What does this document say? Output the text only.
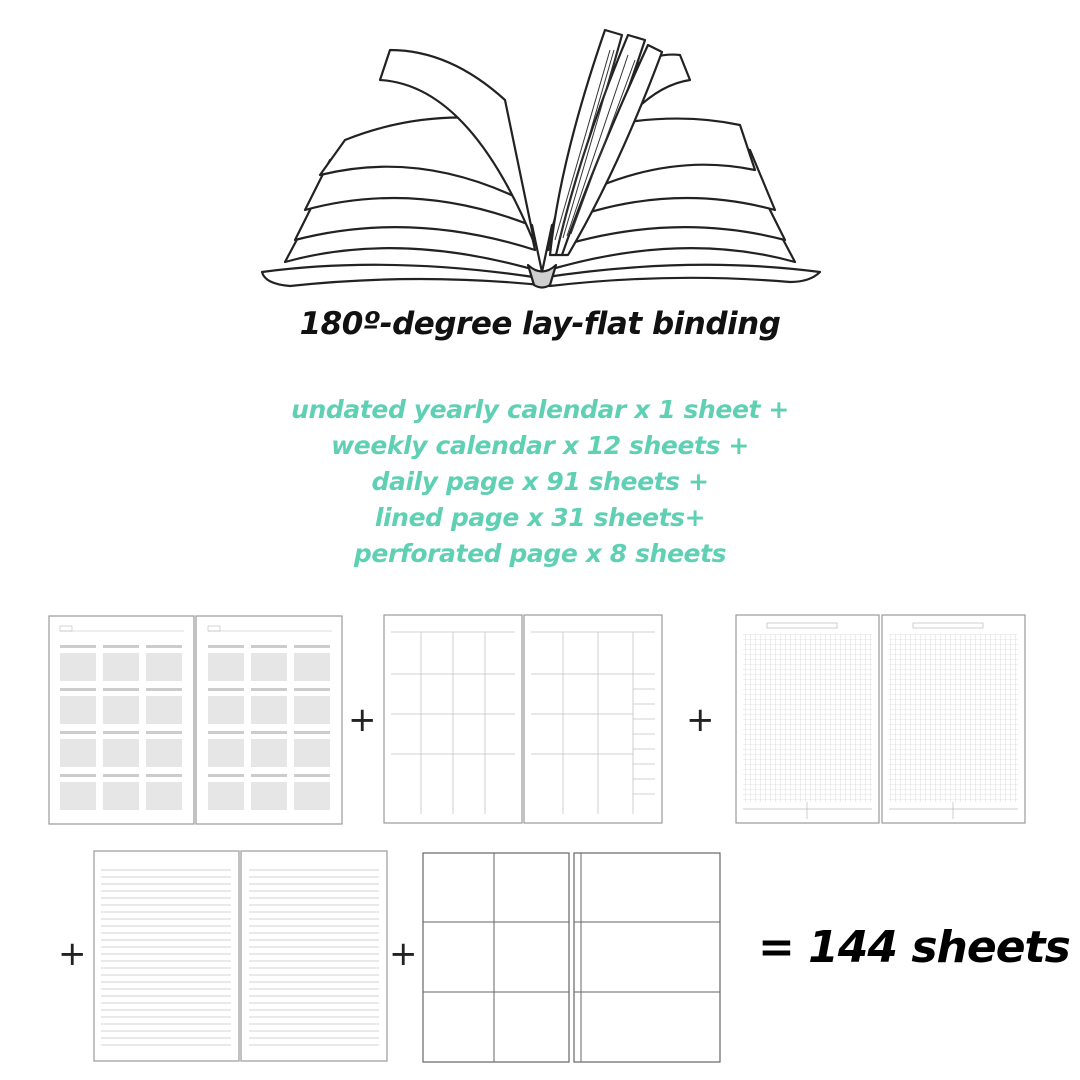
180º-degree lay-flat binding
undated yearly calendar x 1 sheet +
weekly calendar x 12 sheets +
daily page x 91 sheets +
lined page x 31 sheets+
perforated page x 8 sheets
+	+
+	+	= 144 sheets
